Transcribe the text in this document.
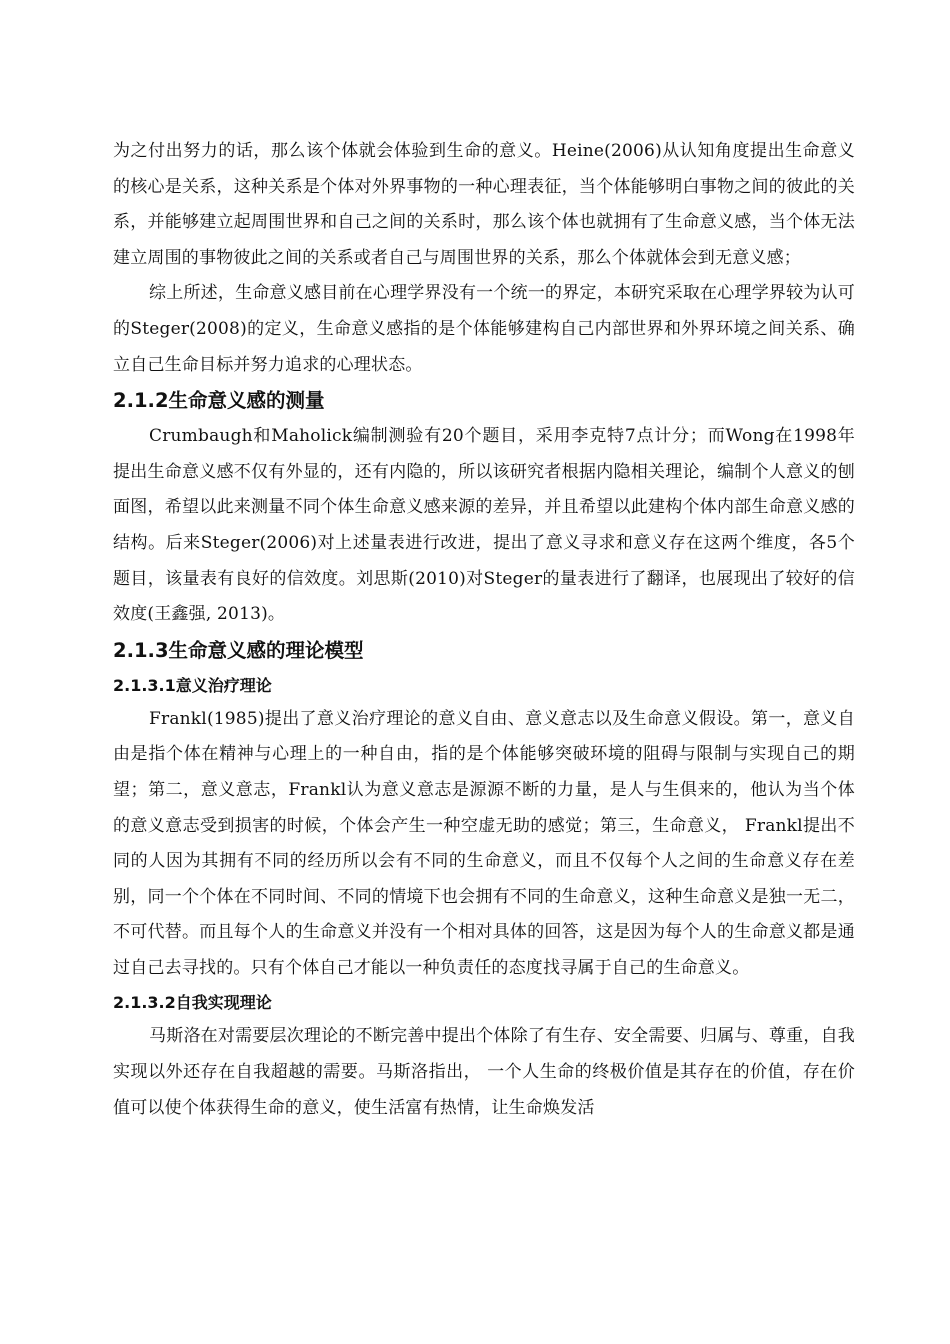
为之付出努力的话，那么该个体就会体验到生命的意义。Heine(2006)从认知角度提出生命意义的核心是关系，这种关系是个体对外界事物的一种心理表征，当个体能够明白事物之间的彼此的关系，并能够建立起周围世界和自己之间的关系时，那么该个体也就拥有了生命意义感，当个体无法建立周围的事物彼此之间的关系或者自己与周围世界的关系，那么个体就体会到无意义感；

综上所述，生命意义感目前在心理学界没有一个统一的界定，本研究采取在心理学界较为认可的Steger(2008)的定义，生命意义感指的是个体能够建构自己内部世界和外界环境之间关系、确立自己生命目标并努力追求的心理状态。

2.1.2生命意义感的测量

Crumbaugh和Maholick编制测验有20个题目，采用李克特7点计分；而Wong在1998年提出生命意义感不仅有外显的，还有内隐的，所以该研究者根据内隐相关理论，编制个人意义的刨面图，希望以此来测量不同个体生命意义感来源的差异，并且希望以此建构个体内部生命意义感的结构。后来Steger(2006)对上述量表进行改进，提出了意义寻求和意义存在这两个维度，各5个题目，该量表有良好的信效度。刘思斯(2010)对Steger的量表进行了翻译，也展现出了较好的信效度(王鑫强, 2013)。

2.1.3生命意义感的理论模型
2.1.3.1意义治疗理论

Frankl(1985)提出了意义治疗理论的意义自由、意义意志以及生命意义假设。第一，意义自由是指个体在精神与心理上的一种自由，指的是个体能够突破环境的阻碍与限制与实现自己的期望；第二，意义意志，Frankl认为意义意志是源源不断的力量，是人与生俱来的，他认为当个体的意义意志受到损害的时候，个体会产生一种空虚无助的感觉；第三，生命意义， Frankl提出不同的人因为其拥有不同的经历所以会有不同的生命意义，而且不仅每个人之间的生命意义存在差别，同一个个体在不同时间、不同的情境下也会拥有不同的生命意义，这种生命意义是独一无二，不可代替。而且每个人的生命意义并没有一个相对具体的回答，这是因为每个人的生命意义都是通过自己去寻找的。只有个体自己才能以一种负责任的态度找寻属于自己的生命意义。

2.1.3.2自我实现理论

马斯洛在对需要层次理论的不断完善中提出个体除了有生存、安全需要、归属与、尊重，自我实现以外还存在自我超越的需要。马斯洛指出， 一个人生命的终极价值是其存在的价值，存在价值可以使个体获得生命的意义，使生活富有热情，让生命焕发活
